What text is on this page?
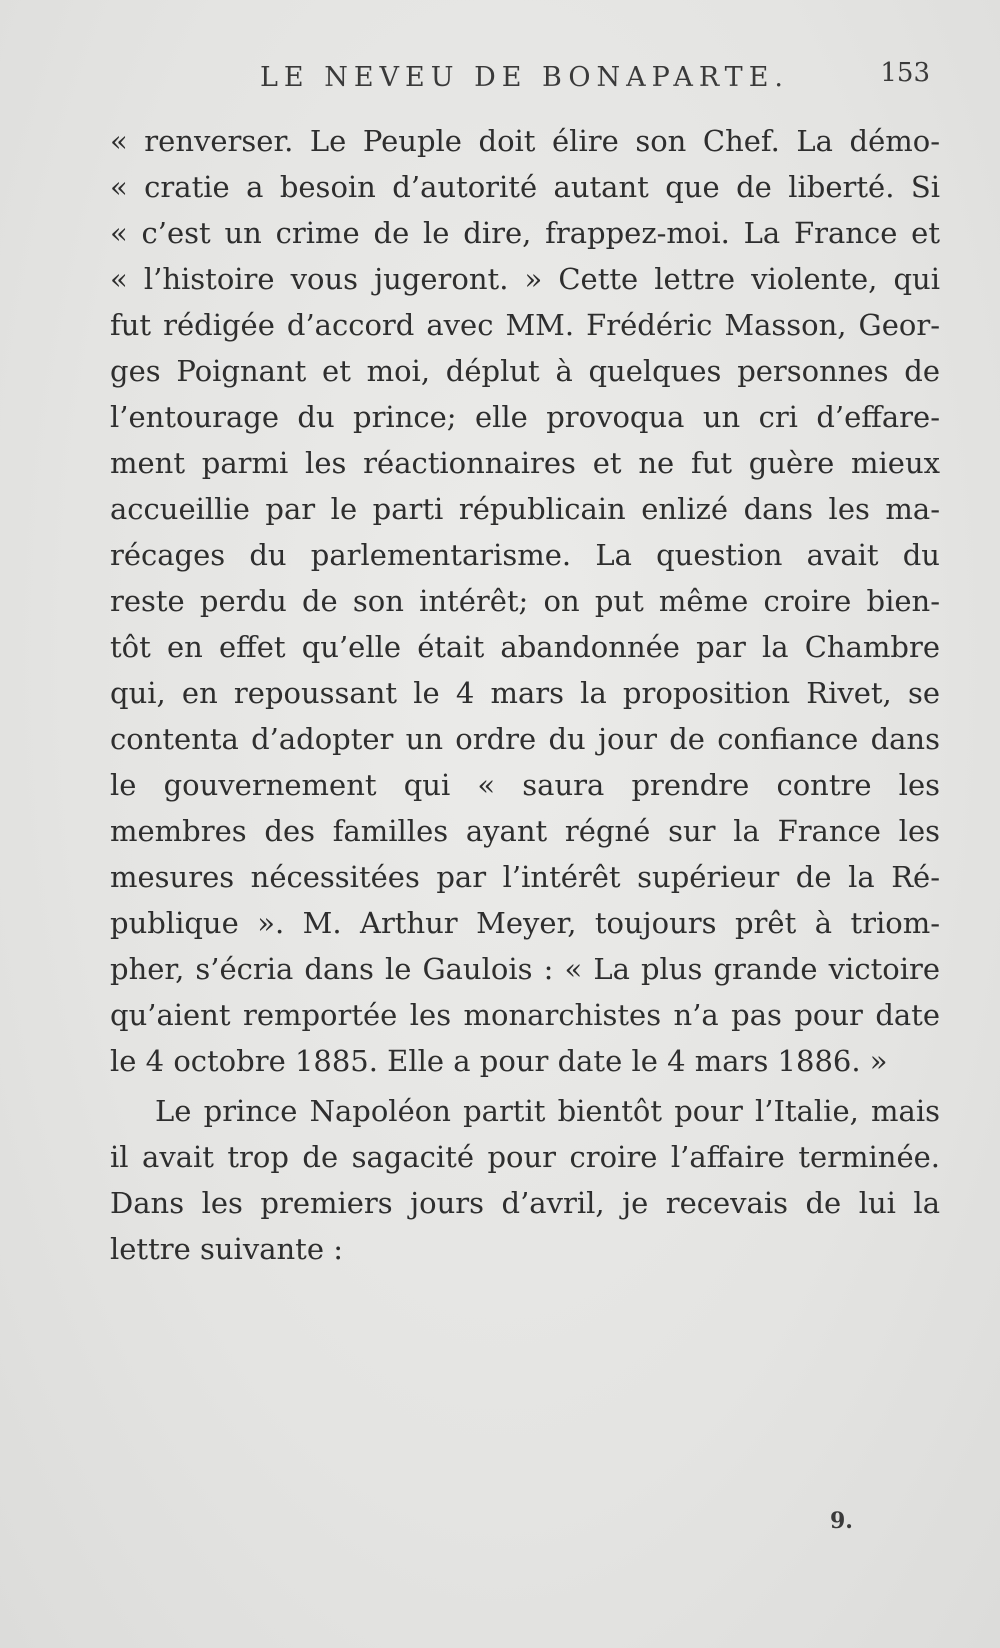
LE NEVEU DE BONAPARTE.	153
« renverser. Le Peuple doit élire son Chef. La démo-
« cratie a besoin d’autorité autant que de liberté. Si
« c’est un crime de le dire, frappez-moi. La France et
« l’histoire vous jugeront. » Cette lettre violente, qui
fut rédigée d’accord avec MM. Frédéric Masson, Geor-
ges Poignant et moi, déplut à quelques personnes de
l’entourage du prince; elle provoqua un cri d’effare-
ment parmi les réactionnaires et ne fut guère mieux
accueillie par le parti républicain enlizé dans les ma-
récages du parlementarisme. La question avait du
reste perdu de son intérêt; on put même croire bien-
tôt en effet qu’elle était abandonnée par la Chambre
qui, en repoussant le 4 mars la proposition Rivet, se
contenta d’adopter un ordre du jour de confiance dans
le gouvernement qui « saura prendre contre les
membres des familles ayant régné sur la France les
mesures nécessitées par l’intérêt supérieur de la Ré-
publique ». M. Arthur Meyer, toujours prêt à triom-
pher, s’écria dans le Gaulois : « La plus grande victoire
qu’aient remportée les monarchistes n’a pas pour date
le 4 octobre 1885. Elle a pour date le 4 mars 1886. »
Le prince Napoléon partit bientôt pour l’Italie, mais
il avait trop de sagacité pour croire l’affaire terminée.
Dans les premiers jours d’avril, je recevais de lui la
lettre suivante :
9.
